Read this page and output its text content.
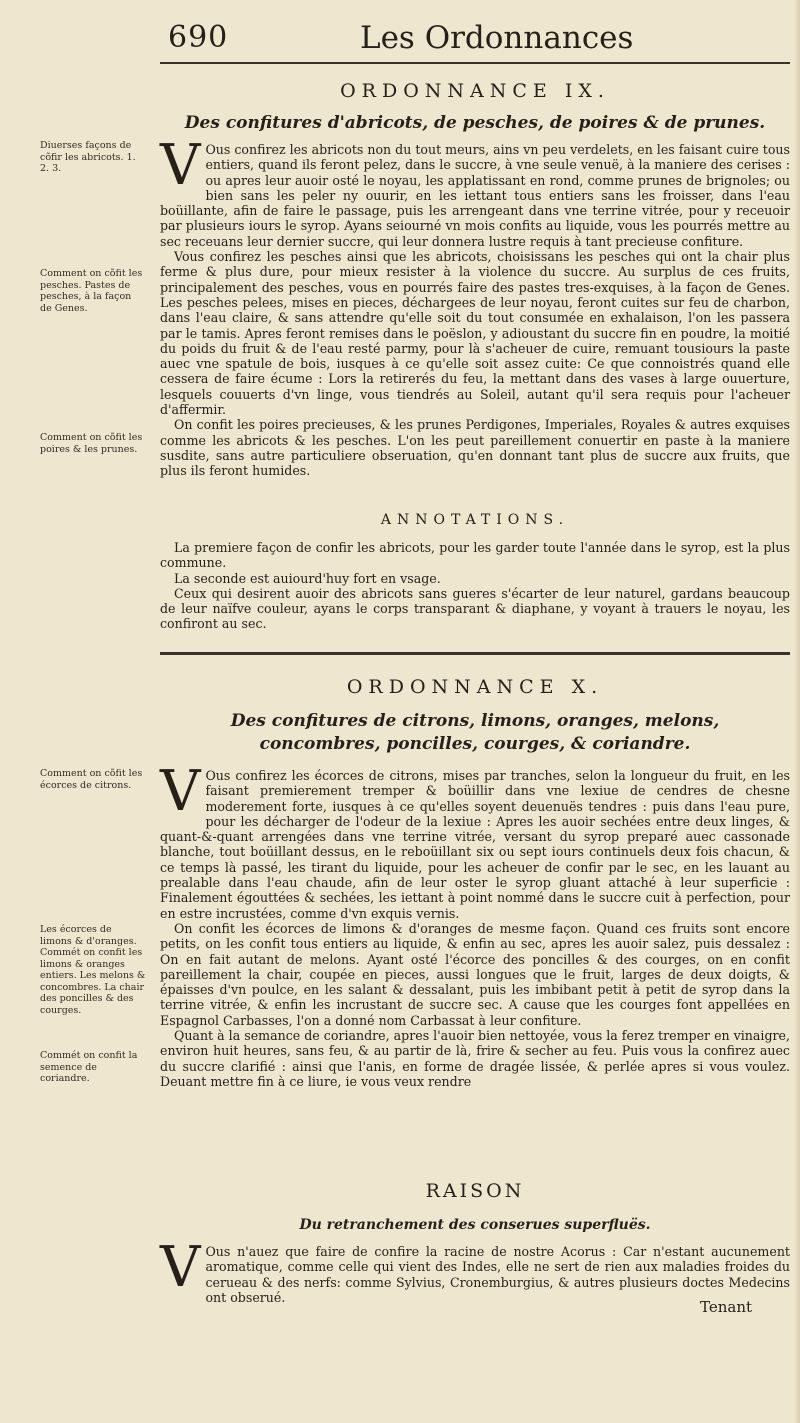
690	Les Ordonnances
ORDONNANCE IX.
Des confitures d'abricots, de pesches, de poires & de prunes.
Diuerses façons de cõfir les abricots. 1. 2. 3.
Comment on cõfit les pesches. Pastes de pesches, à la façon de Genes.
Comment on cõfit les poires & les prunes.

V Ous confirez les abricots non du tout meurs, ains vn peu verdelets, en les faisant cuire tous entiers, quand ils feront pelez, dans le succre, à vne seule venuë, à la maniere des cerises : ou apres leur auoir osté le noyau, les applatissant en rond, comme prunes de brignoles; ou bien sans les peler ny ouurir, en les iettant tous entiers sans les froisser, dans l'eau boüillante, afin de faire le passage, puis les arrengeant dans vne terrine vitrée, pour y receuoir par plusieurs iours le syrop. Ayans seiourné vn mois confits au liquide, vous les pourrés mettre au sec receuans leur dernier succre, qui leur donnera lustre requis à tant precieuse confiture.

Vous confirez les pesches ainsi que les abricots, choisissans les pesches qui ont la chair plus ferme & plus dure, pour mieux resister à la violence du succre. Au surplus de ces fruits, principalement des pesches, vous en pourrés faire des pastes tres-exquises, à la façon de Genes. Les pesches pelees, mises en pieces, déchargees de leur noyau, feront cuites sur feu de charbon, dans l'eau claire, & sans attendre qu'elle soit du tout consumée en exhalaison, l'on les passera par le tamis. Apres feront remises dans le poëslon, y adioustant du succre fin en poudre, la moitié du poids du fruit & de l'eau resté parmy, pour là s'acheuer de cuire, remuant tousiours la paste auec vne spatule de bois, iusques à ce qu'elle soit assez cuite: Ce que connoistrés quand elle cessera de faire écume : Lors la retirerés du feu, la mettant dans des vases à large ouuerture, lesquels couuerts d'vn linge, vous tiendrés au Soleil, autant qu'il sera requis pour l'acheuer d'affermir.

On confit les poires precieuses, & les prunes Perdigones, Imperiales, Royales & autres exquises comme les abricots & les pesches. L'on les peut pareillement conuertir en paste à la maniere susdite, sans autre particuliere obseruation, qu'en donnant tant plus de succre aux fruits, que plus ils feront humides.

ANNOTATIONS.

La premiere façon de confir les abricots, pour les garder toute l'année dans le syrop, est la plus commune.

La seconde est auiourd'huy fort en vsage.

Ceux qui desirent auoir des abricots sans gueres s'écarter de leur naturel, gardans beaucoup de leur naïfve couleur, ayans le corps transparant & diaphane, y voyant à trauers le noyau, les confiront au sec.

ORDONNANCE X.
Des confitures de citrons, limons, oranges, melons, concombres, poncilles, courges, & coriandre.
Comment on cõfit les écorces de citrons.
Les écorces de limons & d'oranges. Commét on confit les limons & oranges entiers. Les melons & concombres. La chair des poncilles & des courges.
Commét on confit la semence de coriandre.

V Ous confirez les écorces de citrons, mises par tranches, selon la longueur du fruit, en les faisant premierement tremper & boüillir dans vne lexiue de cendres de chesne moderement forte, iusques à ce qu'elles soyent deuenuës tendres : puis dans l'eau pure, pour les décharger de l'odeur de la lexiue : Apres les auoir sechées entre deux linges, & quant-&-quant arrengées dans vne terrine vitrée, versant du syrop preparé auec cassonade blanche, tout boüillant dessus, en le reboüillant six ou sept iours continuels deux fois chacun, & ce temps là passé, les tirant du liquide, pour les acheuer de confir par le sec, en les lauant au prealable dans l'eau chaude, afin de leur oster le syrop gluant attaché à leur superficie : Finalement égouttées & sechées, les iettant à point nommé dans le succre cuit à perfection, pour en estre incrustées, comme d'vn exquis vernis.

On confit les écorces de limons & d'oranges de mesme façon. Quand ces fruits sont encore petits, on les confit tous entiers au liquide, & enfin au sec, apres les auoir salez, puis dessalez : On en fait autant de melons. Ayant osté l'écorce des poncilles & des courges, on en confit pareillement la chair, coupée en pieces, aussi longues que le fruit, larges de deux doigts, & épaisses d'vn poulce, en les salant & dessalant, puis les imbibant petit à petit de syrop dans la terrine vitrée, & enfin les incrustant de succre sec. A cause que les courges font appellées en Espagnol Carbasses, l'on a donné nom Carbassat à leur confiture.

Quant à la semance de coriandre, apres l'auoir bien nettoyée, vous la ferez tremper en vinaigre, environ huit heures, sans feu, & au partir de là, frire & secher au feu. Puis vous la confirez auec du succre clarifié : ainsi que l'anis, en forme de dragée lissée, & perlée apres si vous voulez. Deuant mettre fin à ce liure, ie vous veux rendre

RAISON
Du retranchement des conserues superfluës.

V Ous n'auez que faire de confire la racine de nostre Acorus : Car n'estant aucunement aromatique, comme celle qui vient des Indes, elle ne sert de rien aux maladies froides du cerueau & des nerfs: comme Sylvius, Cronemburgius, & autres plusieurs doctes Medecins ont obserué.

Tenant
